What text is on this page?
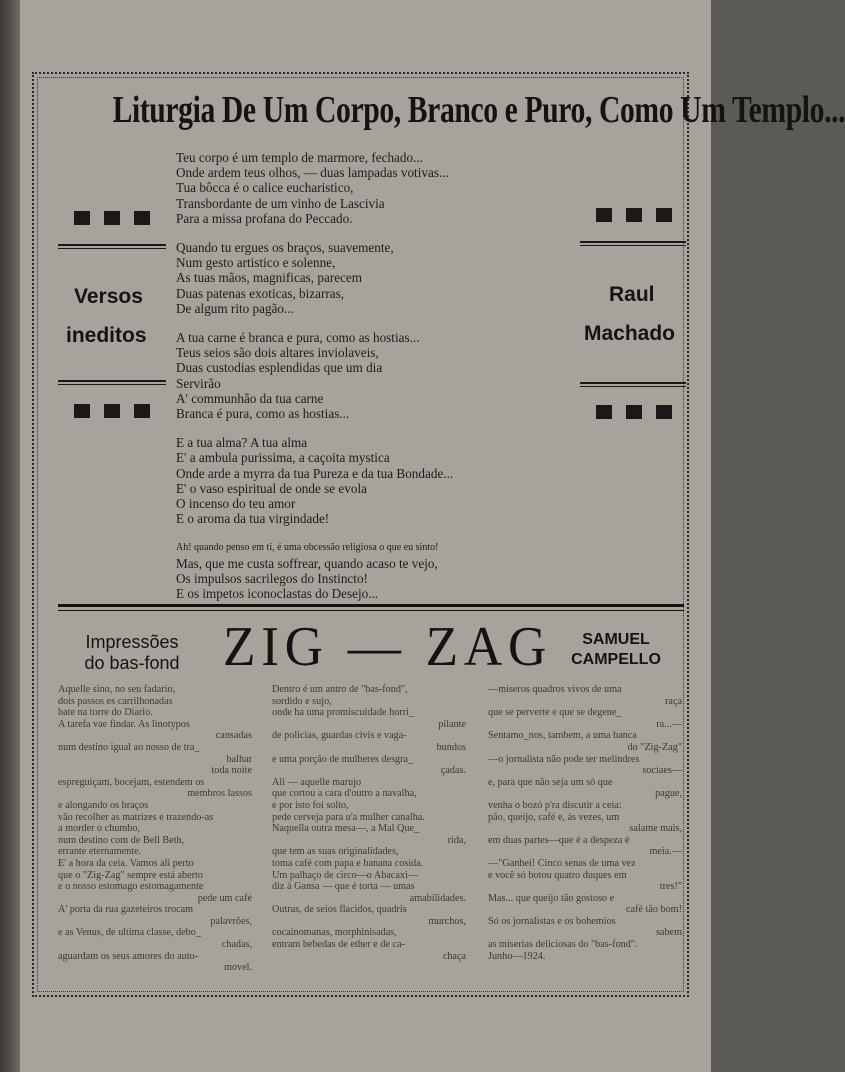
Liturgia De Um Corpo, Branco e Puro, Como Um Templo...
Versos
ineditos
Raul
Machado
Teu corpo é um templo de marmore, fechado...
Onde ardem teus olhos, — duas lampadas votivas...
Tua bôcca é o calice eucharistico,
Transbordante de um vinho de Lascivia
Para a missa profana do Peccado.
Quando tu ergues os braços, suavemente,
Num gesto artistico e solenne,
As tuas mãos, magnificas, parecem
Duas patenas exoticas, bizarras,
De algum rito pagão...
A tua carne é branca e pura, como as hostias...
Teus seios são dois altares inviolaveis,
Duas custodias esplendidas que um dia
Servirão
A' communhão da tua carne
Branca é pura, como as hostias...
E a tua alma? A tua alma
E' a ambula purissima, a caçoita mystica
Onde arde a myrra da tua Pureza e da tua Bondade...
E' o vaso espiritual de onde se evola
O incenso do teu amor
E o aroma da tua virgindade!
Ah! quando penso em ti, é uma obcessão religiosa o que eu sinto!
Mas, que me custa soffrear, quando acaso te vejo,
Os impulsos sacrilegos do Instincto!
E os impetos iconoclastas do Desejo...
Impressões
do bas-fond ZIG — ZAG	SAMUEL
CAMPELLO
Aquelle sino, no seu fadario,
dois passos es carrilhonadas
bate na torre do Diario.
A tarefa vae findar. As linotypos
cansadas
num destino igual ao nosso de tra_
balhar
toda noite
espreguiçam, bocejam, estendem os
membros lassos
e alongando os braços
vão recolher as matrizes e trazendo-as
a morder o chumbo,
num destino com de Bell Beth,
errante eternamente.
E' a hora da ceia. Vamos ali perto
que o "Zig-Zag" sempre está aberto
e o nosso estomago estomagamente
pede um café
A' porta da rua gazeteiros trocam
palavrões,
e as Venus, de ultima classe, debo_
chadas,
aguardam os seus amores do auto-
movel.
Dentro é um antro de "bas-fond",
sordido e sujo,
onde ha uma promiscuidade horri_
pilante
de policias, guardas civis e vaga-
bundos
e uma porção de mulheres desgra_
çadas.
Ali — aquelle marujo
que cortou a cara d'outro a navalha,
e por isto foi solto,
pede cerveja para u'a mulher canalha.
Naquella outra mesa—, a Mal Que_
rida,
que tem as suas originalidades,
toma café com papa e banana cosida.
Um palhaço de circo—o Abacaxi—
diz á Gansa — que é torta — umas
amabilidades.
Outras, de seios flacidos, quadris
murchos,
cocainomanas, morphinisadas,
entram bebedas de ether e de ca-
chaça
—miseros quadros vivos de uma
raça
que se perverte e que se degene_
ra...—
Sentamo_nos, tambem, a uma banca
do "Zig-Zag"
—o jornalista não pode ter melindres
sociaes—
e, para que não seja um só que
pague,
venha o bozó p'ra discutir a ceia:
pão, queijo, café e, ás vezes, um
salame mais,
em duas partes—que é a despeza é
meia.—
—"Ganhei! Cinco senas de uma vez
e você só botou quatro duques em
tres!"
Mas... que queijo tão gostoso e
café tão bom!
Só os jornalistas e os bohemios
sabem
as miserias deliciosas do "bas-fond".
Junho—1924.
